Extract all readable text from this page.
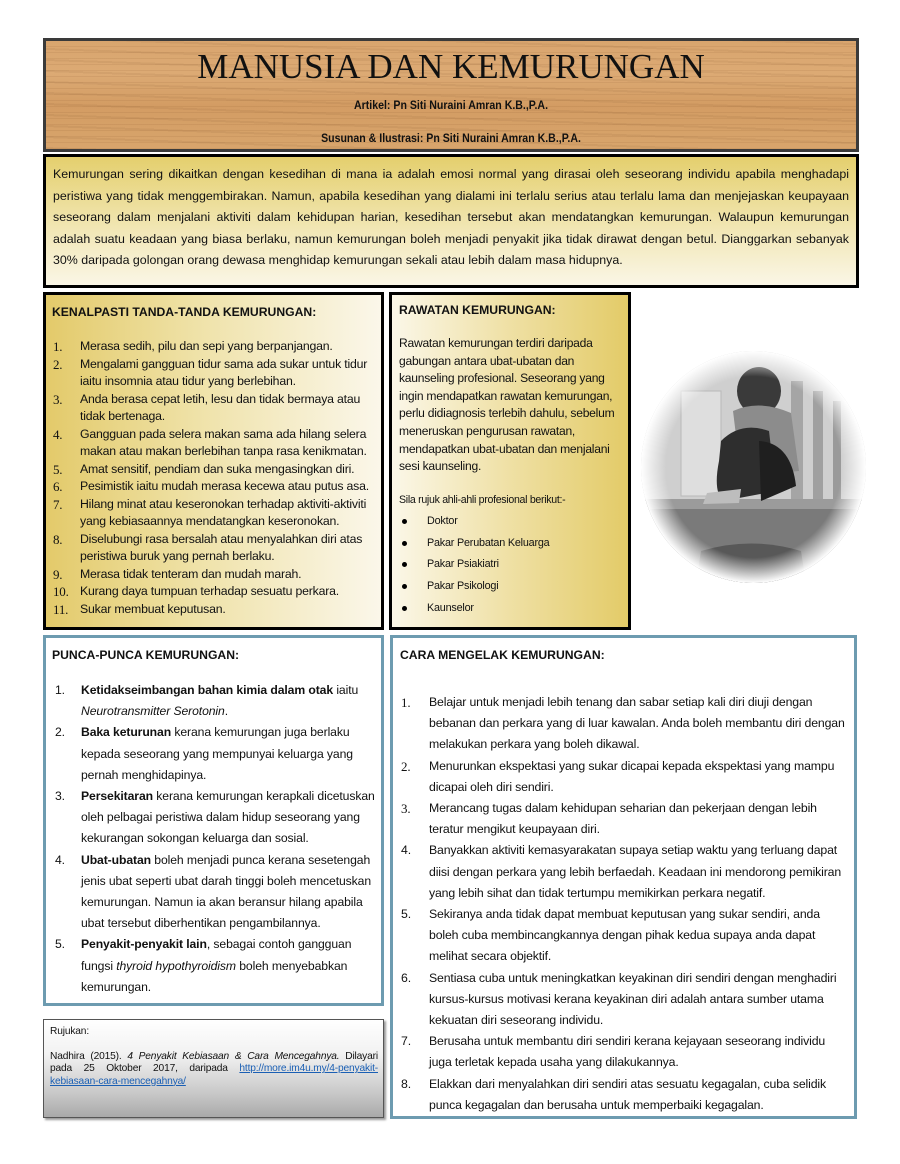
MANUSIA DAN KEMURUNGAN
Artikel: Pn Siti Nuraini Amran K.B.,P.A.
Susunan & Ilustrasi: Pn Siti Nuraini Amran K.B.,P.A.
Kemurungan sering dikaitkan dengan kesedihan di mana ia adalah emosi normal yang dirasai oleh seseorang individu apabila menghadapi peristiwa yang tidak menggembirakan. Namun, apabila kesedihan yang dialami ini terlalu serius atau terlalu lama dan menjejaskan keupayaan seseorang dalam menjalani aktiviti dalam kehidupan harian, kesedihan tersebut akan mendatangkan kemurungan. Walaupun kemurungan adalah suatu keadaan yang biasa berlaku, namun kemurungan boleh menjadi penyakit jika tidak dirawat dengan betul. Dianggarkan sebanyak 30% daripada golongan orang dewasa menghidap kemurungan sekali atau lebih dalam masa hidupnya.
KENALPASTI TANDA-TANDA KEMURUNGAN:
1. Merasa sedih, pilu dan sepi yang berpanjangan.
2. Mengalami gangguan tidur sama ada sukar untuk tidur iaitu insomnia atau tidur yang berlebihan.
3. Anda berasa cepat letih, lesu dan tidak bermaya atau tidak bertenaga.
4. Gangguan pada selera makan sama ada hilang selera makan atau makan berlebihan tanpa rasa kenikmatan.
5. Amat sensitif, pendiam dan suka mengasingkan diri.
6. Pesimistik iaitu mudah merasa kecewa atau putus asa.
7. Hilang minat atau keseronokan terhadap aktiviti-aktiviti yang kebiasaannya mendatangkan keseronokan.
8. Diselubungi rasa bersalah atau menyalahkan diri atas peristiwa buruk yang pernah berlaku.
9. Merasa tidak tenteram dan mudah marah.
10. Kurang daya tumpuan terhadap sesuatu perkara.
11. Sukar membuat keputusan.
RAWATAN KEMURUNGAN:
Rawatan kemurungan terdiri daripada gabungan antara ubat-ubatan dan kaunseling profesional. Seseorang yang ingin mendapatkan rawatan kemurungan, perlu didiagnosis terlebih dahulu, sebelum meneruskan pengurusan rawatan, mendapatkan ubat-ubatan dan menjalani sesi kaunseling.
Sila rujuk ahli-ahli profesional berikut:-
Doktor
Pakar Perubatan Keluarga
Pakar Psiakiatri
Pakar Psikologi
Kaunselor
PUNCA-PUNCA KEMURUNGAN:
1. Ketidakseimbangan bahan kimia dalam otak iaitu Neurotransmitter Serotonin.
2. Baka keturunan kerana kemurungan juga berlaku kepada seseorang yang mempunyai keluarga yang pernah menghidapinya.
3. Persekitaran kerana kemurungan kerapkali dicetuskan oleh pelbagai peristiwa dalam hidup seseorang yang kekurangan sokongan keluarga dan sosial.
4. Ubat-ubatan boleh menjadi punca kerana sesetengah jenis ubat seperti ubat darah tinggi boleh mencetuskan kemurungan. Namun ia akan beransur hilang apabila ubat tersebut diberhentikan pengambilannya.
5. Penyakit-penyakit lain, sebagai contoh gangguan fungsi thyroid hypothyroidism boleh menyebabkan kemurungan.
Rujukan:
Nadhira (2015). 4 Penyakit Kebiasaan & Cara Mencegahnya. Dilayari pada 25 Oktober 2017, daripada http://more.im4u.my/4-penyakit-kebiasaan-cara-mencegahnya/
CARA MENGELAK KEMURUNGAN:
1. Belajar untuk menjadi lebih tenang dan sabar setiap kali diri diuji dengan bebanan dan perkara yang di luar kawalan. Anda boleh membantu diri dengan melakukan perkara yang boleh dikawal.
2. Menurunkan ekspektasi yang sukar dicapai kepada ekspektasi yang mampu dicapai oleh diri sendiri.
3. Merancang tugas dalam kehidupan seharian dan pekerjaan dengan lebih teratur mengikut keupayaan diri.
4. Banyakkan aktiviti kemasyarakatan supaya setiap waktu yang terluang dapat diisi dengan perkara yang lebih berfaedah. Keadaan ini mendorong pemikiran yang lebih sihat dan tidak tertumpu memikirkan perkara negatif.
5. Sekiranya anda tidak dapat membuat keputusan yang sukar sendiri, anda boleh cuba membincangkannya dengan pihak kedua supaya anda dapat melihat secara objektif.
6. Sentiasa cuba untuk meningkatkan keyakinan diri sendiri dengan menghadiri kursus-kursus motivasi kerana keyakinan diri adalah antara sumber utama kekuatan diri seseorang individu.
7. Berusaha untuk membantu diri sendiri kerana kejayaan seseorang individu juga terletak kepada usaha yang dilakukannya.
8. Elakkan dari menyalahkan diri sendiri atas sesuatu kegagalan, cuba selidik punca kegagalan dan berusaha untuk memperbaiki kegagalan.
